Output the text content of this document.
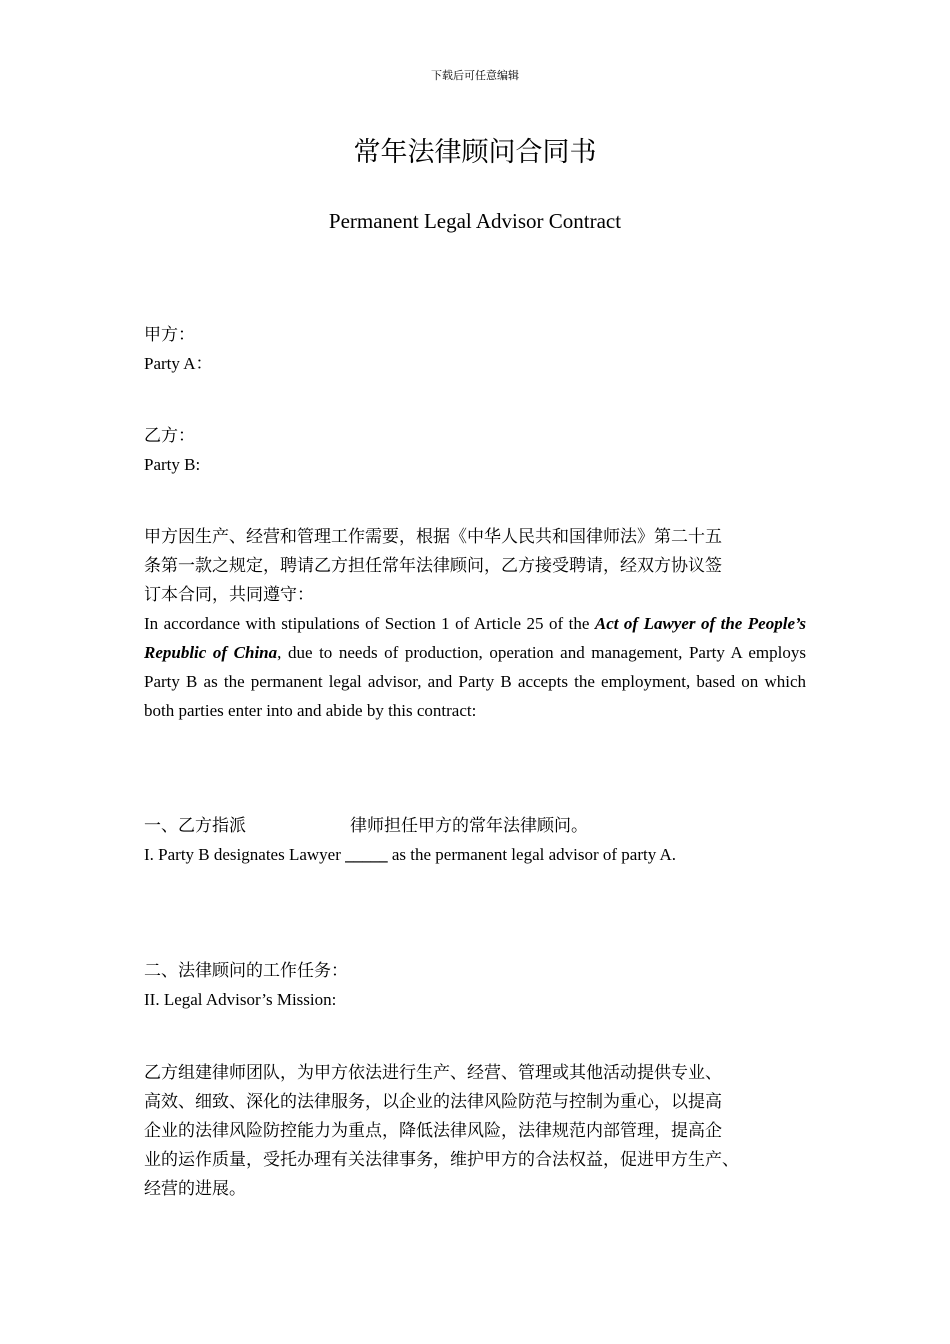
下载后可任意编辑
常年法律顾问合同书
Permanent Legal Advisor Contract
甲方：
Party A：
乙方：
Party B:
甲方因生产、经营和管理工作需要，根据《中华人民共和国律师法》第二十五
条第一款之规定，聘请乙方担任常年法律顾问，乙方接受聘请，经双方协议签
订本合同，共同遵守：
In accordance with stipulations of Section 1 of Article 25 of the Act of Lawyer of the People’s Republic of China, due to needs of production, operation and management, Party A employs Party B as the permanent legal advisor, and Party B accepts the employment, based on which both parties enter into and abide by this contract:
一、乙方指派	律师担任甲方的常年法律顾问。
I. Party B designates Lawyer _____ as the permanent legal advisor of party A.
二、法律顾问的工作任务：
II. Legal Advisor’s Mission:
乙方组建律师团队，为甲方依法进行生产、经营、管理或其他活动提供专业、
高效、细致、深化的法律服务，以企业的法律风险防范与控制为重心，以提高
企业的法律风险防控能力为重点，降低法律风险，法律规范内部管理，提高企
业的运作质量，受托办理有关法律事务，维护甲方的合法权益，促进甲方生产、
经营的进展。
